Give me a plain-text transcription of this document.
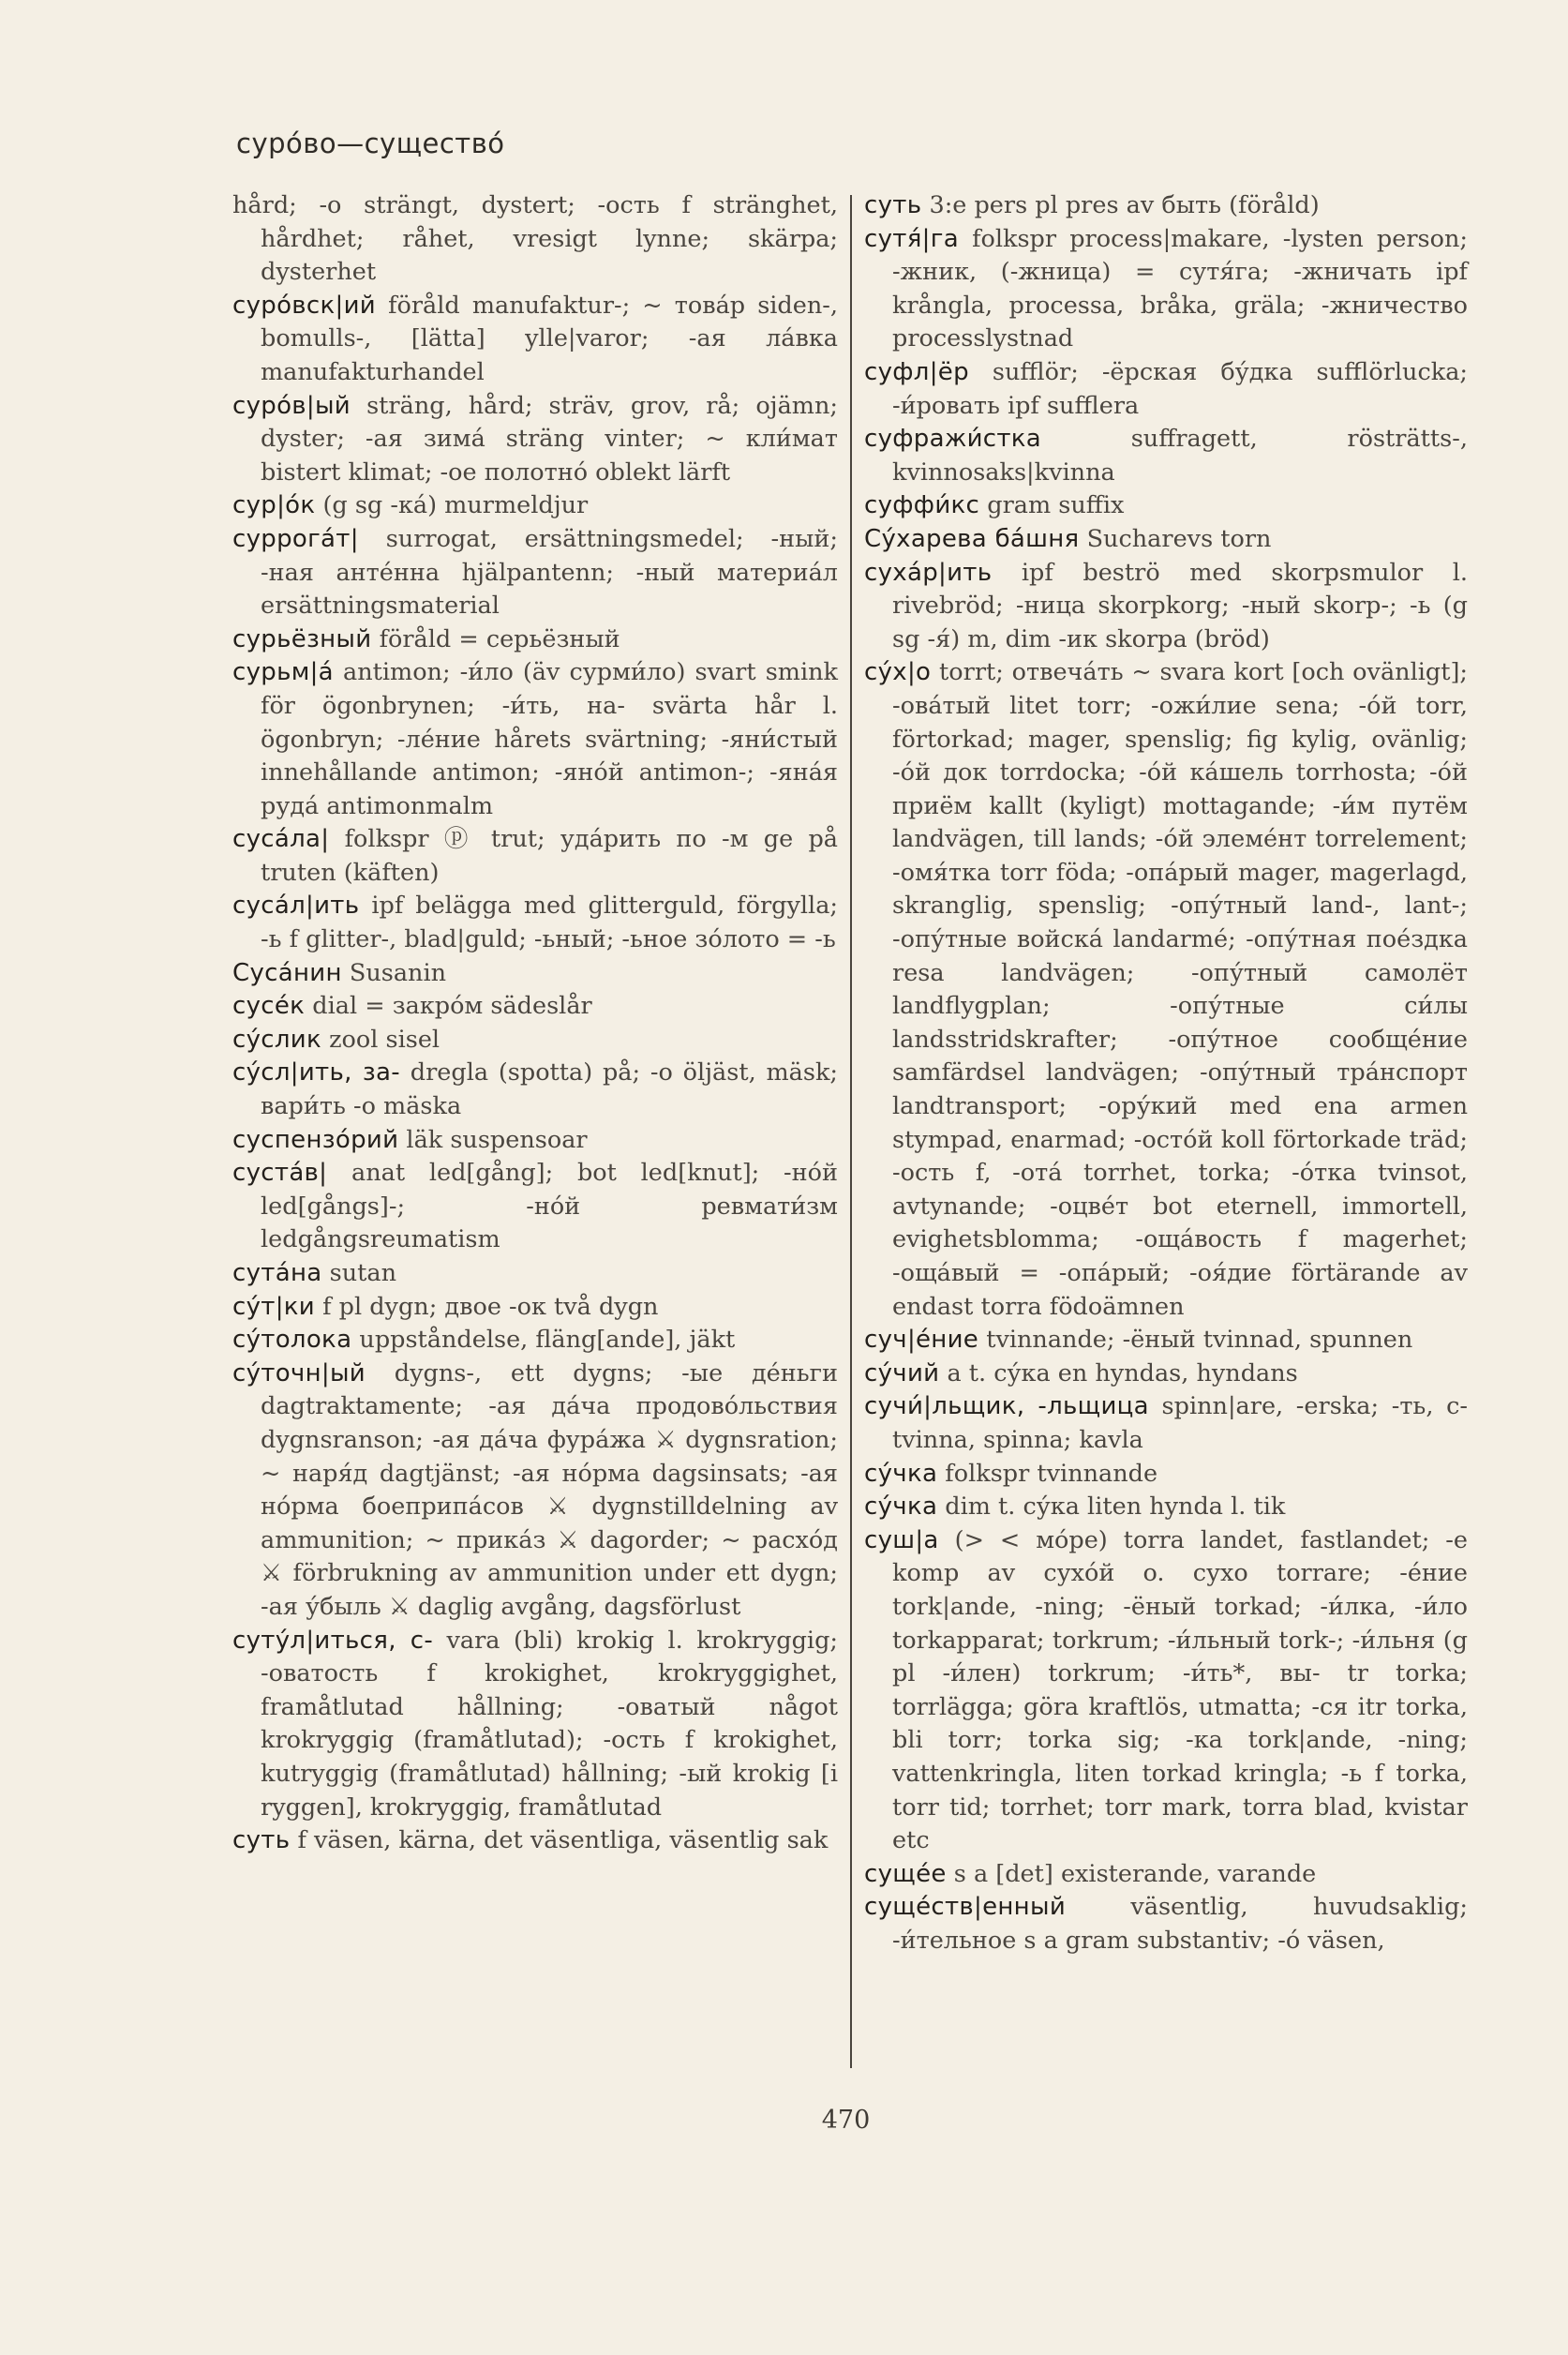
суро́во—существо́

hård; -о strängt, dystert; -ость f stränghet, hårdhet; råhet, vresigt lynne; skärpa; dysterhet

суро́вск|ий föråld manufaktur-; ~ това́р siden-, bomulls-, [lätta] ylle|varor; -ая ла́вка manufakturhandel

суро́в|ый sträng, hård; sträv, grov, rå; ojämn; dyster; -ая зима́ sträng vinter; ~ кли́мат bistert klimat; -ое полотно́ oblekt lärft

сур|о́к (g sg -ка́) murmeldjur

суррога́т| surrogat, ersättningsmedel; -ный; -ная анте́нна hjälpantenn; -ный материа́л ersättningsmaterial

сурьёзный föråld = серьёзный

сурьм|а́ antimon; -и́ло (äv сурми́ло) svart smink för ögonbrynen; -и́ть, на- svärta hår l. ögonbryn; -ле́ние hårets svärtning; -яни́стый innehållande antimon; -яно́й antimon-; -яна́я руда́ antimonmalm

суса́ла| folkspr ⓟ trut; уда́рить по -м ge på truten (käften)

суса́л|ить ipf belägga med glitterguld, förgylla; -ь f glitter-, blad|guld; -ьный; -ьное зо́лото = -ь

Суса́нин Susanin

сусе́к dial = закро́м sädeslår

су́слик zool sisel

су́сл|ить, за- dregla (spotta) på; -о öljäst, mäsk; вари́ть -о mäska

суспензо́рий läk suspensoar

суста́в| anat led[gång]; bot led[knut]; -но́й led[gångs]-; -но́й ревмати́зм ledgångsreumatism

сута́на sutan

су́т|ки f pl dygn; двое -ок två dygn

су́толока uppståndelse, fläng[ande], jäkt

су́точн|ый dygns-, ett dygns; -ые де́ньги dagtraktamente; -ая да́ча продово́льствия dygnsranson; -ая да́ча фура́жа ⚔ dygnsration; ~ наря́д dagtjänst; -ая но́рма dagsinsats; -ая но́рма боеприпа́сов ⚔ dygnstilldelning av ammunition; ~ прика́з ⚔ dagorder; ~ расхо́д ⚔ förbrukning av ammunition under ett dygn; -ая у́быль ⚔ daglig avgång, dagsförlust

суту́л|иться, с- vara (bli) krokig l. krokryggig; -оватость f krokighet, krokryggighet, framåtlutad hållning; -оватый något krokryggig (framåtlutad); -ость f krokighet, kutryggig (framåtlutad) hållning; -ый krokig [i ryggen], krokryggig, framåtlutad

суть f väsen, kärna, det väsentliga, väsentlig sak

суть 3:e pers pl pres av быть (föråld)

сутя́|га folkspr process|makare, -lysten person; -жник, (-жница) = сутя́га; -жничать ipf krångla, processa, bråka, gräla; -жничество processlystnad

суфл|ёр sufflör; -ёрская бу́дка sufflörlucka; -и́ровать ipf sufflera

суфражи́стка suffragett, rösträtts-, kvinnosaks|kvinna

суффи́кс gram suffix

Су́харева ба́шня Sucharevs torn

суха́р|ить ipf beströ med skorpsmulor l. rivebröd; -ница skorpkorg; -ный skorp-; -ь (g sg -я́) m, dim -ик skorpa (bröd)

су́х|о torrt; отвеча́ть ~ svara kort [och ovänligt]; -ова́тый litet torr; -ожи́лие sena; -о́й torr, förtorkad; mager, spenslig; fig kylig, ovänlig; -о́й док torrdocka; -о́й ка́шель torrhosta; -о́й приём kallt (kyligt) mottagande; -и́м путём landvägen, till lands; -о́й элеме́нт torrelement; -омя́тка torr föda; -опа́рый mager, magerlagd, skranglig, spenslig; -опу́тный land-, lant-; -опу́тные войска́ landarmé; -опу́тная пое́здка resa landvägen; -опу́тный самолёт landflygplan; -опу́тные си́лы landsstridskrafter; -опу́тное сообще́ние samfärdsel landvägen; -опу́тный тра́нспорт landtransport; -ору́кий med ena armen stympad, enarmad; -осто́й koll förtorkade träd; -ость f, -ота́ torrhet, torka; -о́тка tvinsot, avtynande; -оцве́т bot eternell, immortell, evighetsblomma; -оща́вость f magerhet; -оща́вый = -опа́рый; -оя́дие förtärande av endast torra födoämnen

суч|е́ние tvinnande; -ёный tvinnad, spunnen

су́чий a t. су́ка en hyndas, hyndans

сучи́|льщик, -льщица spinn|are, -erska; -ть, с- tvinna, spinna; kavla

су́чка folkspr tvinnande

су́чка dim t. су́ка liten hynda l. tik

суш|а (> < мо́ре) torra landet, fastlandet; -е komp av сухо́й o. сухо torrare; -е́ние tork|ande, -ning; -ёный torkad; -и́лка, -и́ло torkapparat; torkrum; -и́льный tork-; -и́льня (g pl -и́лен) torkrum; -и́ть*, вы- tr torka; torrlägga; göra kraftlös, utmatta; -ся itr torka, bli torr; torka sig; -ка tork|ande, -ning; vattenkringla, liten torkad kringla; -ь f torka, torr tid; torrhet; torr mark, torra blad, kvistar etc

суще́е s a [det] existerande, varande

суще́ств|енный väsentlig, huvudsaklig; -и́тельное s a gram substantiv; -о́ väsen,

470
